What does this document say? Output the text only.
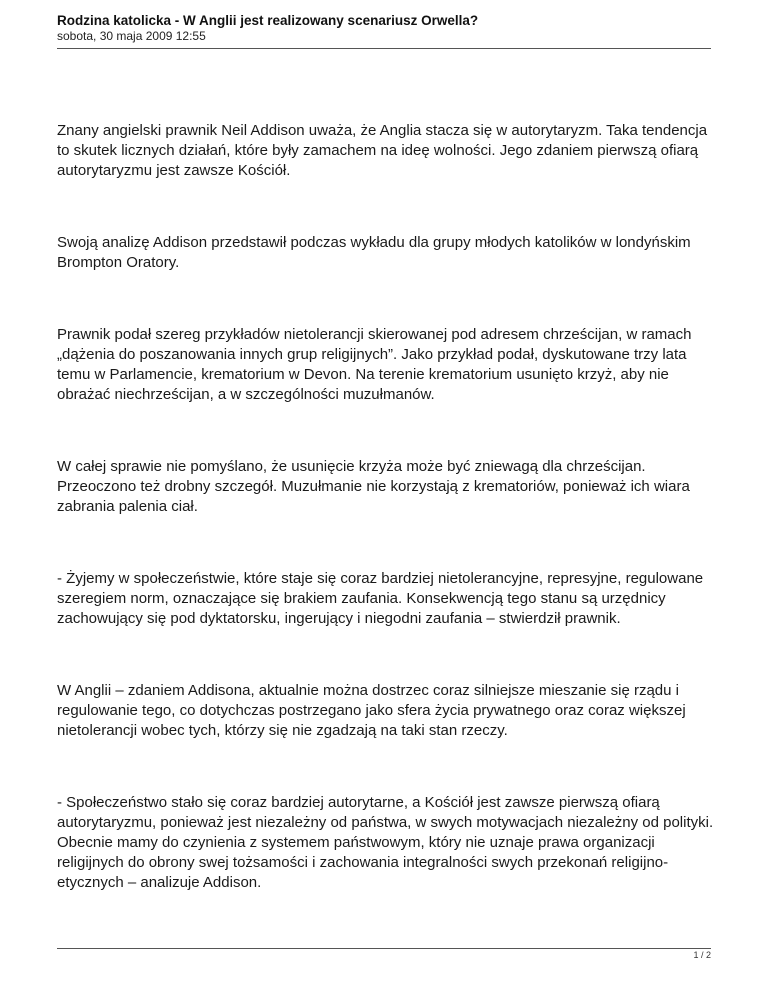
Rodzina katolicka - W Anglii jest realizowany scenariusz Orwella?
sobota, 30 maja 2009 12:55

Znany angielski prawnik Neil Addison uważa, że Anglia stacza się w autorytaryzm. Taka tendencja to skutek licznych działań, które były zamachem na ideę wolności. Jego zdaniem pierwszą ofiarą autorytaryzmu jest zawsze Kościół.

Swoją analizę Addison przedstawił podczas wykładu dla grupy młodych katolików w londyńskim Brompton Oratory.

Prawnik podał szereg przykładów nietolerancji skierowanej pod adresem chrześcijan, w ramach „dążenia do poszanowania innych grup religijnych”. Jako przykład podał, dyskutowane trzy lata temu w Parlamencie, krematorium w Devon. Na terenie krematorium usunięto krzyż, aby nie obrażać niechrześcijan, a w szczególności muzułmanów.

W całej sprawie nie pomyślano, że usunięcie krzyża może być zniewagą dla chrześcijan. Przeoczono też drobny szczegół. Muzułmanie nie korzystają z krematoriów, ponieważ ich wiara zabrania palenia ciał.

- Żyjemy w społeczeństwie, które staje się coraz bardziej nietolerancyjne, represyjne, regulowane szeregiem norm, oznaczające się brakiem zaufania. Konsekwencją tego stanu są urzędnicy zachowujący się pod dyktatorsku, ingerujący i niegodni zaufania – stwierdził prawnik.

W Anglii – zdaniem Addisona, aktualnie można dostrzec coraz silniejsze mieszanie się rządu i regulowanie tego, co dotychczas postrzegano jako sfera życia prywatnego oraz coraz większej nietolerancji wobec tych, którzy się nie zgadzają na taki stan rzeczy.

- Społeczeństwo stało się coraz bardziej autorytarne, a Kościół jest zawsze pierwszą ofiarą autorytaryzmu, ponieważ jest niezależny od państwa, w swych motywacjach niezależny od polityki. Obecnie mamy do czynienia z systemem państwowym, który nie uznaje prawa organizacji religijnych do obrony swej tożsamości i zachowania integralności swych przekonań religijno-etycznych – analizuje Addison.

1 / 2
